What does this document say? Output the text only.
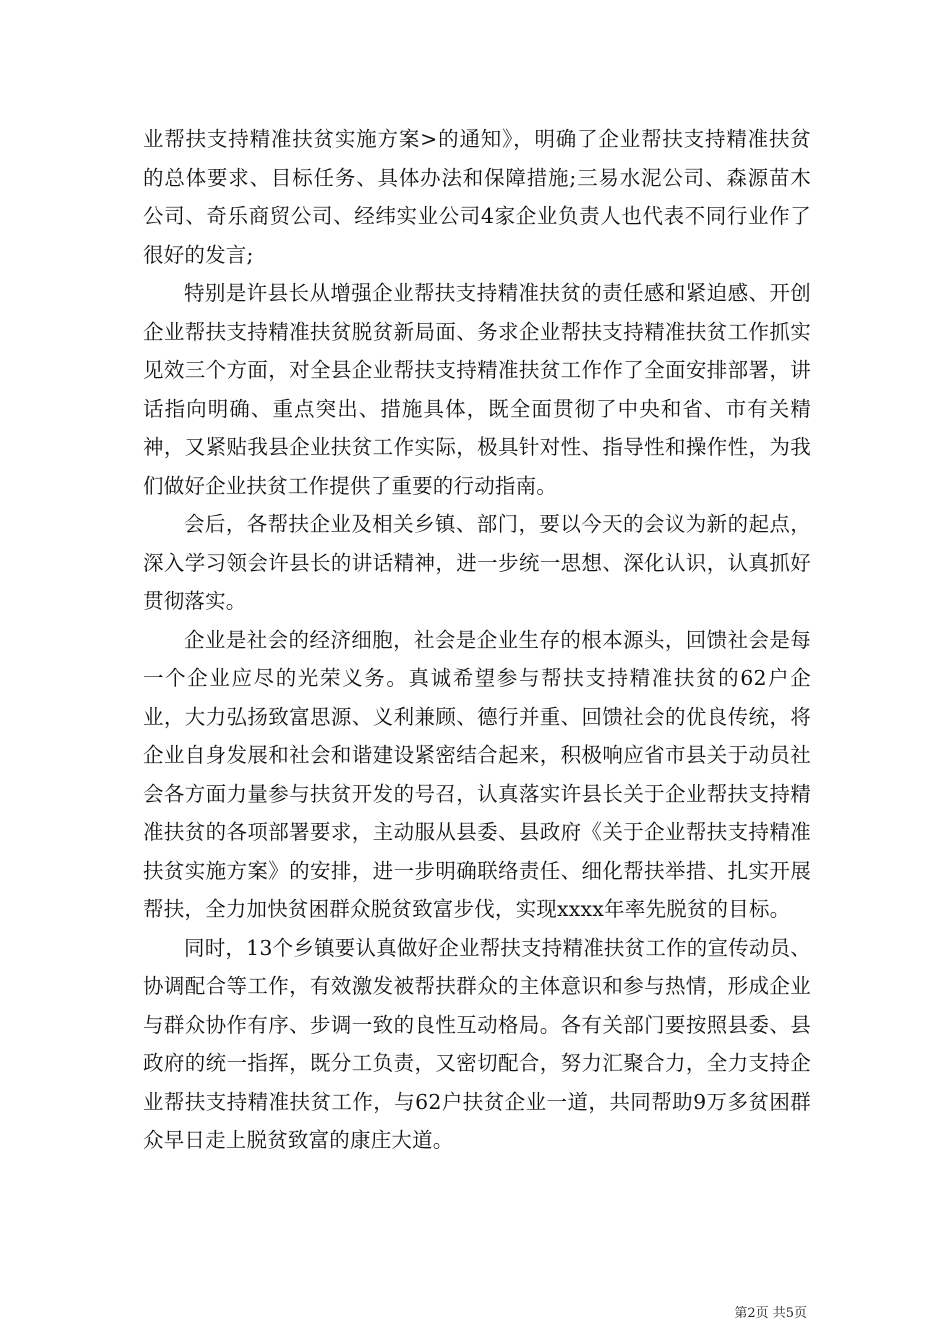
业帮扶支持精准扶贫实施方案>的通知》，明确了企业帮扶支持精准扶贫的总体要求、目标任务、具体办法和保障措施;三易水泥公司、森源苗木公司、奇乐商贸公司、经纬实业公司4家企业负责人也代表不同行业作了很好的发言;

特别是许县长从增强企业帮扶支持精准扶贫的责任感和紧迫感、开创企业帮扶支持精准扶贫脱贫新局面、务求企业帮扶支持精准扶贫工作抓实见效三个方面，对全县企业帮扶支持精准扶贫工作作了全面安排部署，讲话指向明确、重点突出、措施具体，既全面贯彻了中央和省、市有关精神，又紧贴我县企业扶贫工作实际，极具针对性、指导性和操作性，为我们做好企业扶贫工作提供了重要的行动指南。

会后，各帮扶企业及相关乡镇、部门，要以今天的会议为新的起点，深入学习领会许县长的讲话精神，进一步统一思想、深化认识，认真抓好贯彻落实。

企业是社会的经济细胞，社会是企业生存的根本源头，回馈社会是每一个企业应尽的光荣义务。真诚希望参与帮扶支持精准扶贫的62户企业，大力弘扬致富思源、义利兼顾、德行并重、回馈社会的优良传统，将企业自身发展和社会和谐建设紧密结合起来，积极响应省市县关于动员社会各方面力量参与扶贫开发的号召，认真落实许县长关于企业帮扶支持精准扶贫的各项部署要求，主动服从县委、县政府《关于企业帮扶支持精准扶贫实施方案》的安排，进一步明确联络责任、细化帮扶举措、扎实开展帮扶，全力加快贫困群众脱贫致富步伐，实现xxxx年率先脱贫的目标。

同时，13个乡镇要认真做好企业帮扶支持精准扶贫工作的宣传动员、协调配合等工作，有效激发被帮扶群众的主体意识和参与热情，形成企业与群众协作有序、步调一致的良性互动格局。各有关部门要按照县委、县政府的统一指挥，既分工负责，又密切配合，努力汇聚合力，全力支持企业帮扶支持精准扶贫工作，与62户扶贫企业一道，共同帮助9万多贫困群众早日走上脱贫致富的康庄大道。

第2页 共5页
